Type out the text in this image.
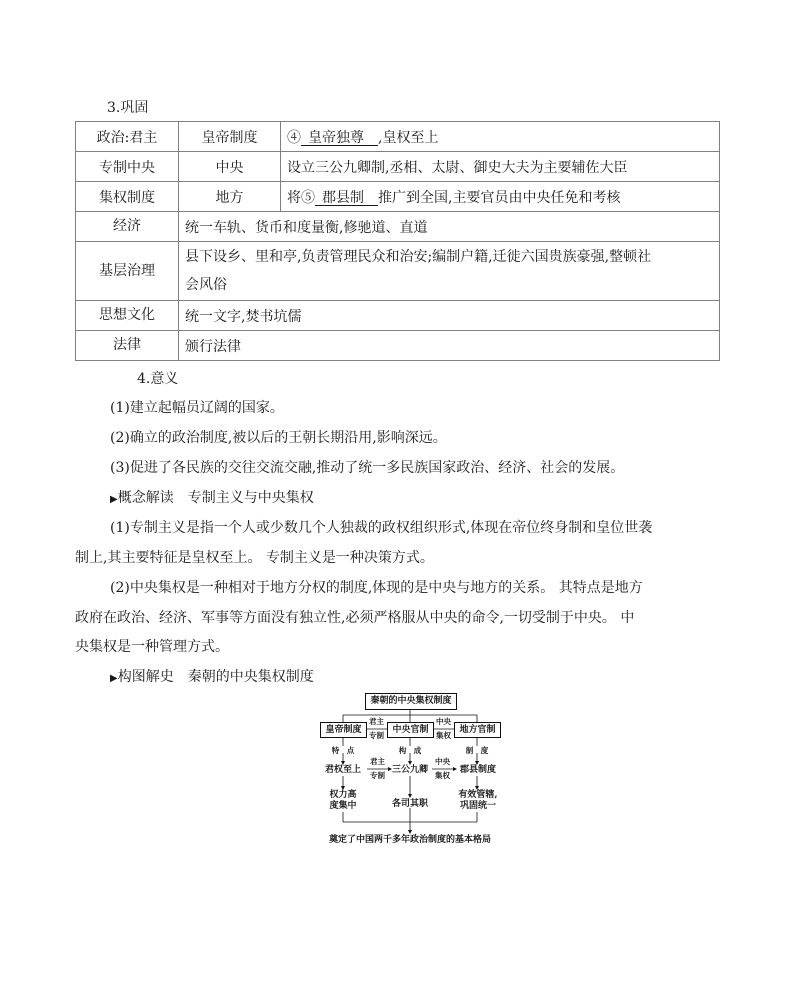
3.巩固
政治:君主	皇帝制度	④  皇帝独尊   ,皇权至上
专制中央	中央	设立三公九卿制,丞相、太尉、御史大夫为主要辅佐大臣
集权制度	地方	将⑤  郡县制   推广到全国,主要官员由中央任免和考核
经济	统一车轨、货币和度量衡,修驰道、直道	
基层治理	县下设乡、里和亭,负责管理民众和治安;编制户籍,迁徙六国贵族豪强,整顿社
会风俗	

思想文化	统一文字,焚书坑儒	
法律	颁行法律	
4.意义
(1)建立起幅员辽阔的国家。
(2)确立的政治制度,被以后的王朝长期沿用,影响深远。
(3)促进了各民族的交往交流交融,推动了统一多民族国家政治、经济、社会的发展。
▶概念解读　专制主义与中央集权
(1)专制主义是指一个人或少数几个人独裁的政权组织形式,体现在帝位终身制和皇位世袭
制上,其主要特征是皇权至上。 专制主义是一种决策方式。
(2)中央集权是一种相对于地方分权的制度,体现的是中央与地方的关系。 其特点是地方
政府在政治、经济、军事等方面没有独立性,必须严格服从中央的命令,一切受制于中央。 中
央集权是一种管理方式。
▶构图解史　秦朝的中央集权制度
秦朝的中央集权制度
皇帝制度	中央官制	地方官制
君主
专制
中央
集权
特　点	构　成	制　度
君权至上	三公九卿	郡县制度
君主
专制
中央
集权
权力高
度集中	各司其职
有效管辖,
巩固统一
奠定了中国两千多年政治制度的基本格局
